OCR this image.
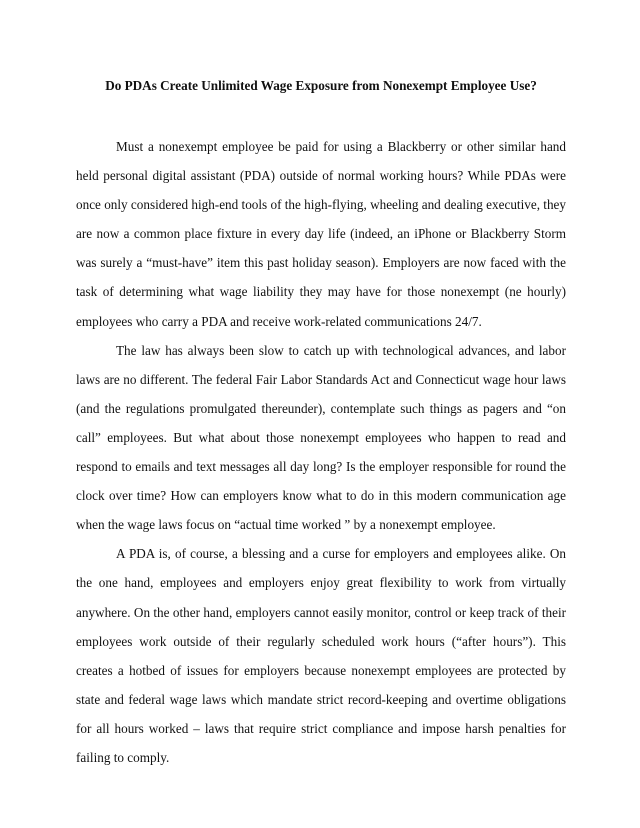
Do PDAs Create Unlimited Wage Exposure from Nonexempt Employee Use?

Must a nonexempt employee be paid for using a Blackberry or other similar hand held personal digital assistant (PDA) outside of normal working hours? While PDAs were once only considered high-end tools of the high-flying, wheeling and dealing executive, they are now a common place fixture in every day life (indeed, an iPhone or Blackberry Storm was surely a “must-have” item this past holiday season). Employers are now faced with the task of determining what wage liability they may have for those nonexempt (ne hourly) employees who carry a PDA and receive work-related communications 24/7.

The law has always been slow to catch up with technological advances, and labor laws are no different. The federal Fair Labor Standards Act and Connecticut wage hour laws (and the regulations promulgated thereunder), contemplate such things as pagers and “on call” employees. But what about those nonexempt employees who happen to read and respond to emails and text messages all day long? Is the employer responsible for round the clock over time? How can employers know what to do in this modern communication age when the wage laws focus on “actual time worked ” by a nonexempt employee.

A PDA is, of course, a blessing and a curse for employers and employees alike. On the one hand, employees and employers enjoy great flexibility to work from virtually anywhere. On the other hand, employers cannot easily monitor, control or keep track of their employees work outside of their regularly scheduled work hours (“after hours”). This creates a hotbed of issues for employers because nonexempt employees are protected by state and federal wage laws which mandate strict record-keeping and overtime obligations for all hours worked – laws that require strict compliance and impose harsh penalties for failing to comply.
